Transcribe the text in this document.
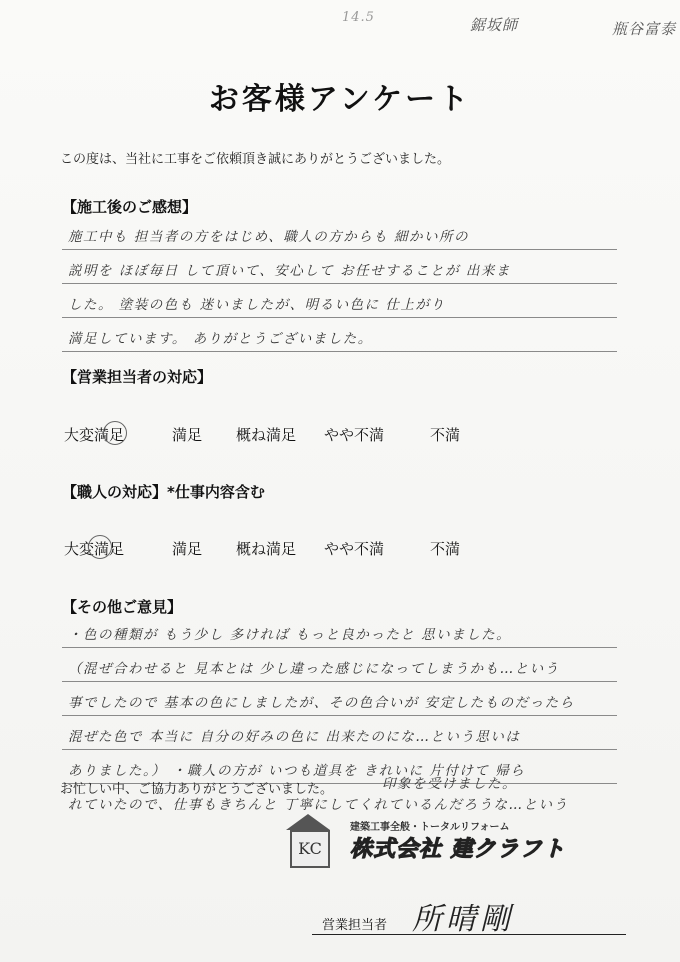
瓶谷富泰
鋸坂師
14.5
お客様アンケート
この度は、当社に工事をご依頼頂き誠にありがとうございました。
【施工後のご感想】
施工中も 担当者の方をはじめ、職人の方からも 細かい所の
説明を ほぼ毎日 して頂いて、安心して お任せすることが 出来ま
した。 塗装の色も 迷いましたが、明るい色に 仕上がり
満足しています。 ありがとうございました。
【営業担当者の対応】
大変満足	満足 概ね満足 やや不満	不満
【職人の対応】*仕事内容含む
大変満足	満足 概ね満足 やや不満	不満
【その他ご意見】
・色の種類が もう少し 多ければ もっと良かったと 思いました。
（混ぜ合わせると 見本とは 少し違った感じになってしまうかも…という
事でしたので 基本の色にしましたが、その色合いが 安定したものだったら
混ぜた色で 本当に 自分の好みの色に 出来たのにな…という思いは
ありました。） ・職人の方が いつも道具を きれいに 片付けて 帰ら
れていたので、仕事もきちんと 丁寧にしてくれているんだろうな…という
お忙しい中、ご協力ありがとうございました。	印象を受けました。
KC
建築工事全般・トータルリフォーム
株式会社 建クラフト
営業担当者 所晴剛
